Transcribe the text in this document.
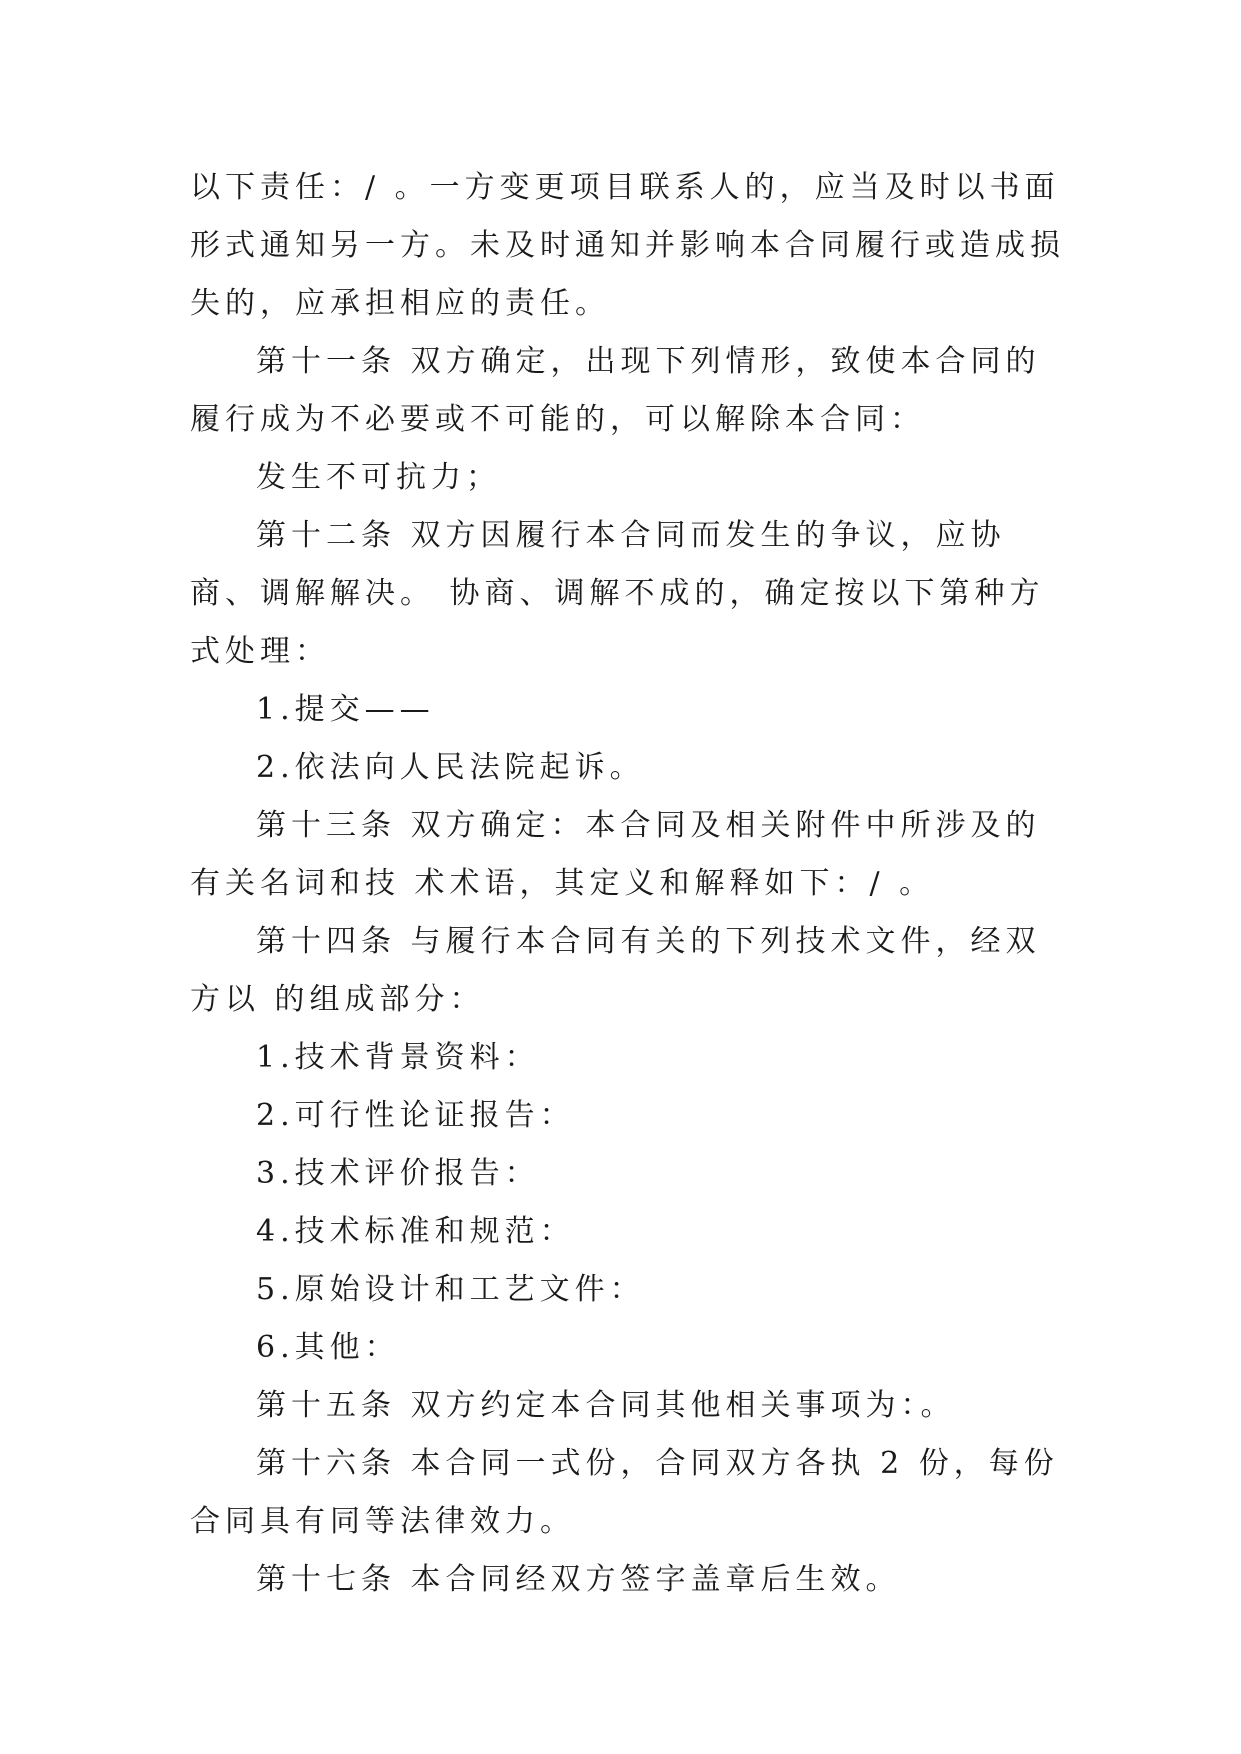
以下责任：/ 。一方变更项目联系人的，应当及时以书面形式通知另一方。未及时通知并影响本合同履行或造成损失的，应承担相应的责任。

第十一条 双方确定，出现下列情形，致使本合同的履行成为不必要或不可能的，可以解除本合同：

发生不可抗力；

第十二条 双方因履行本合同而发生的争议，应协商、调解解决。 协商、调解不成的，确定按以下第种方式处理：

1.提交——

2.依法向人民法院起诉。

第十三条 双方确定：本合同及相关附件中所涉及的有关名词和技 术术语，其定义和解释如下：/ 。

第十四条 与履行本合同有关的下列技术文件，经双方以 的组成部分：

1.技术背景资料：

2.可行性论证报告：

3.技术评价报告：

4.技术标准和规范：

5.原始设计和工艺文件：

6.其他：

第十五条 双方约定本合同其他相关事项为：。

第十六条 本合同一式份，合同双方各执 2 份，每份合同具有同等法律效力。

第十七条 本合同经双方签字盖章后生效。
